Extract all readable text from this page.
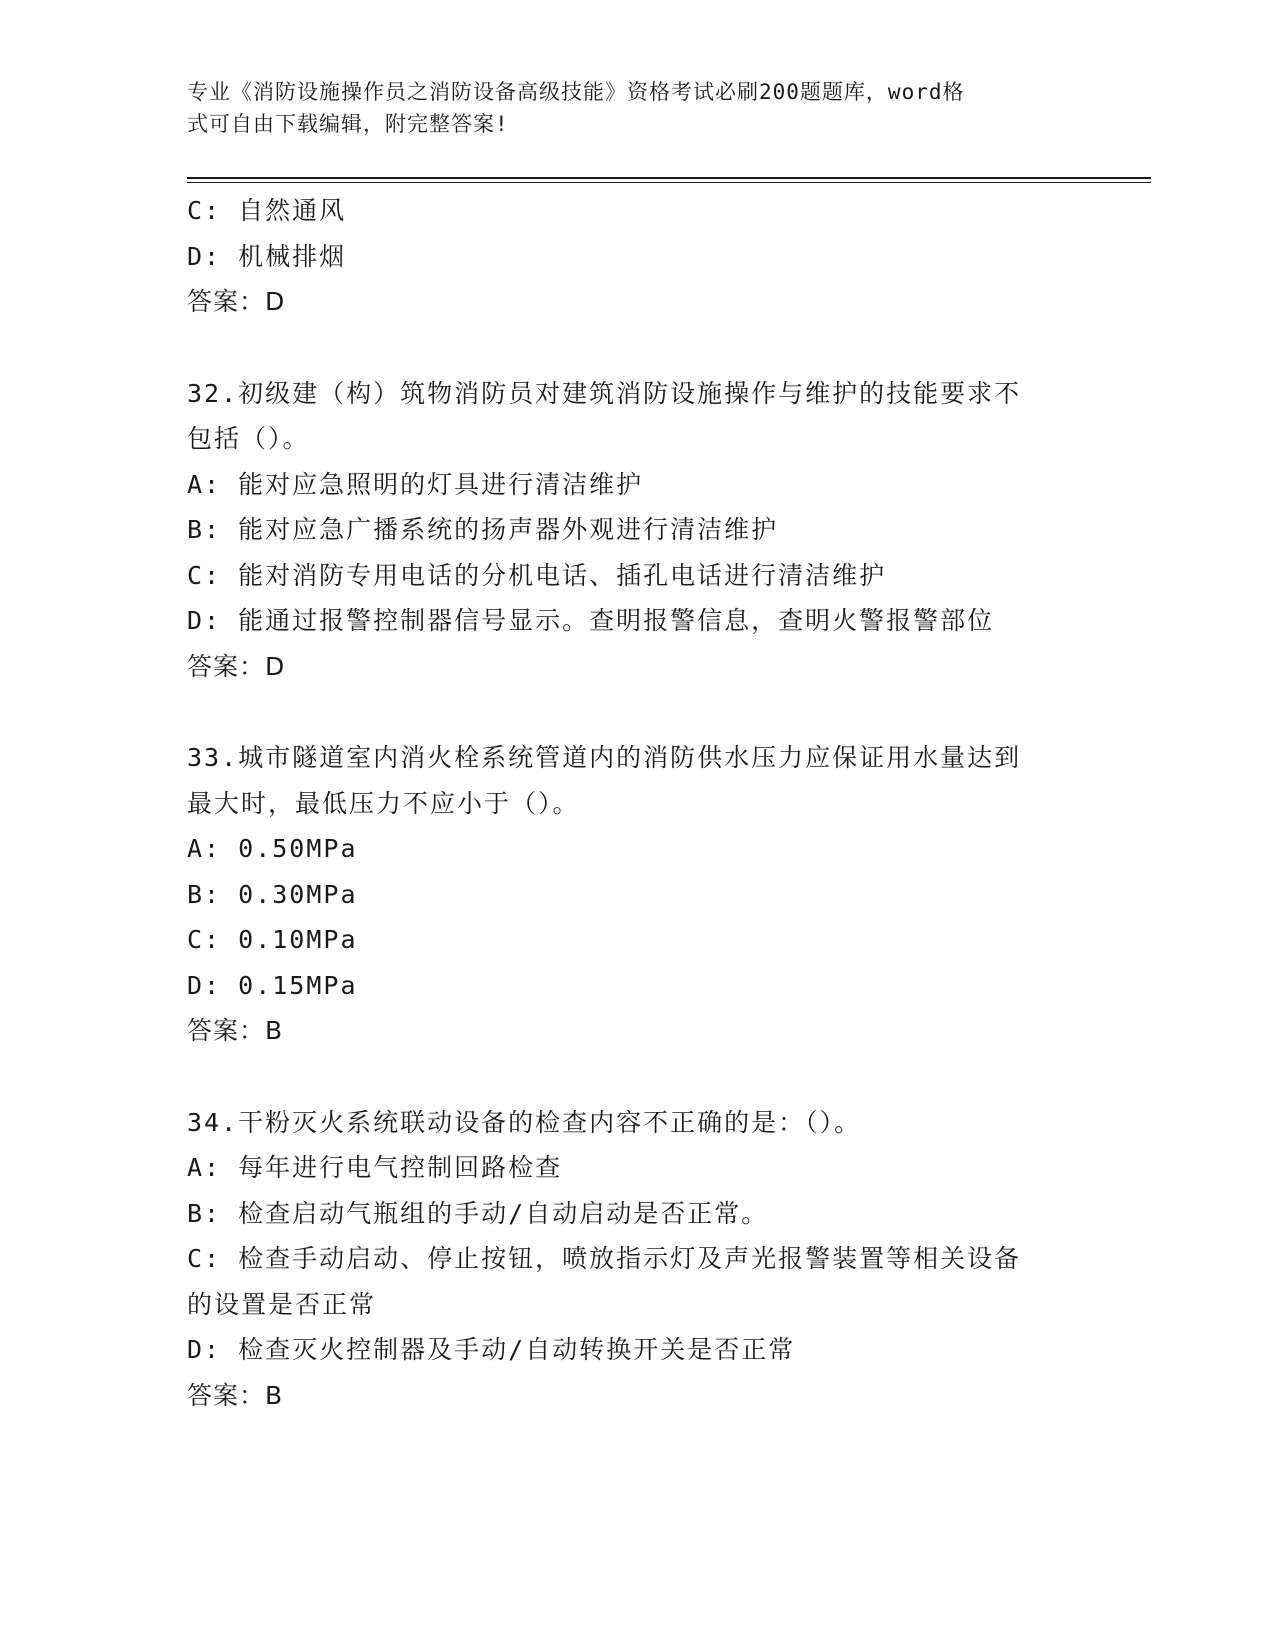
专业《消防设施操作员之消防设备高级技能》资格考试必刷200题题库，word格
式可自由下载编辑，附完整答案!
C: 自然通风
D: 机械排烟
答案：D
32.初级建（构）筑物消防员对建筑消防设施操作与维护的技能要求不
包括（）。
A: 能对应急照明的灯具进行清洁维护
B: 能对应急广播系统的扬声器外观进行清洁维护
C: 能对消防专用电话的分机电话、插孔电话进行清洁维护
D: 能通过报警控制器信号显示。查明报警信息，查明火警报警部位
答案：D
33.城市隧道室内消火栓系统管道内的消防供水压力应保证用水量达到
最大时，最低压力不应小于（）。
A: 0.50MPa
B: 0.30MPa
C: 0.10MPa
D: 0.15MPa
答案：B
34.干粉灭火系统联动设备的检查内容不正确的是：（）。
A: 每年进行电气控制回路检查
B: 检查启动气瓶组的手动/自动启动是否正常。
C: 检查手动启动、停止按钮，喷放指示灯及声光报警装置等相关设备
的设置是否正常
D: 检查灭火控制器及手动/自动转换开关是否正常
答案：B
